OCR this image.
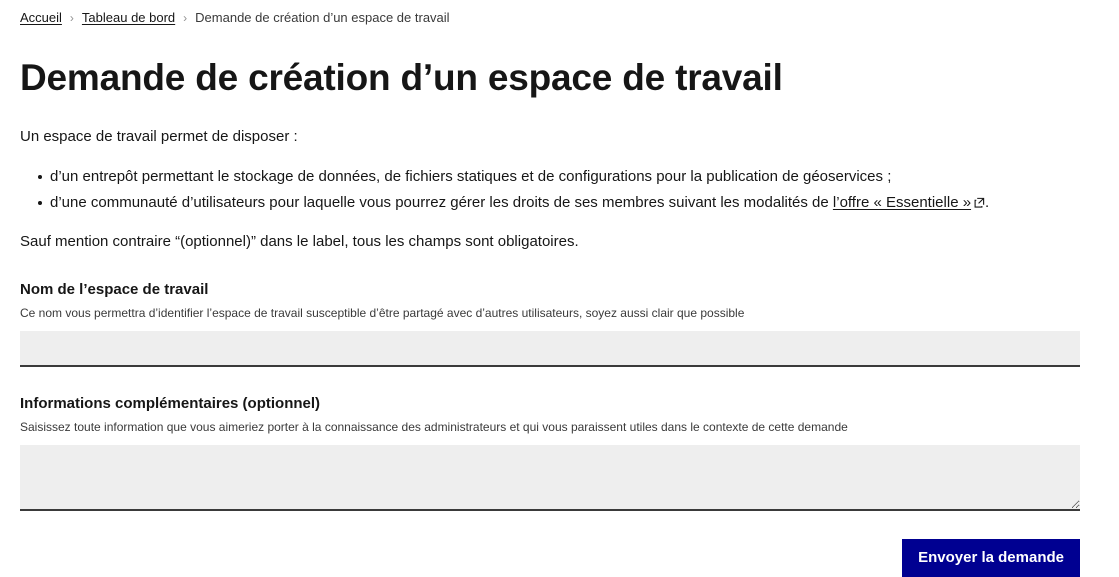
Accueil › Tableau de bord › Demande de création d’un espace de travail
Demande de création d’un espace de travail

Un espace de travail permet de disposer :

d’un entrepôt permettant le stockage de données, de fichiers statiques et de configurations pour la publication de géoservices ;
d’une communauté d’utilisateurs pour laquelle vous pourrez gérer les droits de ses membres suivant les modalités de l’offre « Essentielle » .

Sauf mention contraire “(optionnel)” dans le label, tous les champs sont obligatoires.

Nom de l’espace de travail
Ce nom vous permettra d’identifier l’espace de travail susceptible d’être partagé avec d’autres utilisateurs, soyez aussi clair que possible
Informations complémentaires (optionnel)
Saisissez toute information que vous aimeriez porter à la connaissance des administrateurs et qui vous paraissent utiles dans le contexte de cette demande
Envoyer la demande
